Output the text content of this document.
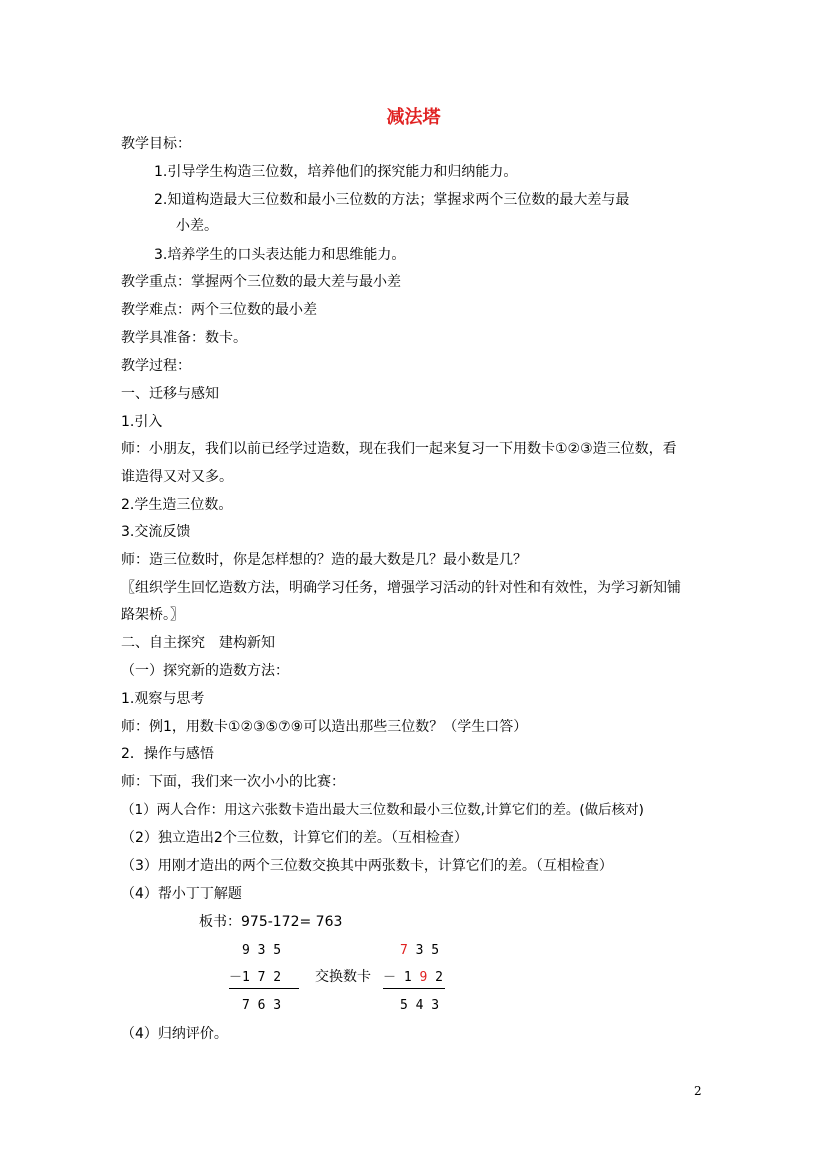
减法塔
教学目标：
1.引导学生构造三位数，培养他们的探究能力和归纳能力。
2.知道构造最大三位数和最小三位数的方法；掌握求两个三位数的最大差与最
小差。
3.培养学生的口头表达能力和思维能力。
教学重点：掌握两个三位数的最大差与最小差
教学难点：两个三位数的最小差
教学具准备：数卡。
教学过程：
一、迁移与感知
1.引入
师：小朋友，我们以前已经学过造数，现在我们一起来复习一下用数卡①②③造三位数，看
谁造得又对又多。
2.学生造三位数。
3.交流反馈
师：造三位数时，你是怎样想的？造的最大数是几？最小数是几？
〖组织学生回忆造数方法，明确学习任务，增强学习活动的针对性和有效性，为学习新知铺
路架桥。〗
二、自主探究　建构新知
（一）探究新的造数方法：
1.观察与思考
师：例1，用数卡①②③⑤⑦⑨可以造出那些三位数？（学生口答）
2．操作与感悟
师：下面，我们来一次小小的比赛：
（1）两人合作：用这六张数卡造出最大三位数和最小三位数,计算它们的差。(做后核对)
（2）独立造出2个三位数，计算它们的差。（互相检查）
（3）用刚才造出的两个三位数交换其中两张数卡，计算它们的差。（互相检查）
（4）帮小丁丁解题
板书：975-172= 763
9 3 5
－1 7 2
7 6 3
交换数卡
7 3 5
－ 1 9 2
5 4 3
（4）归纳评价。
2
